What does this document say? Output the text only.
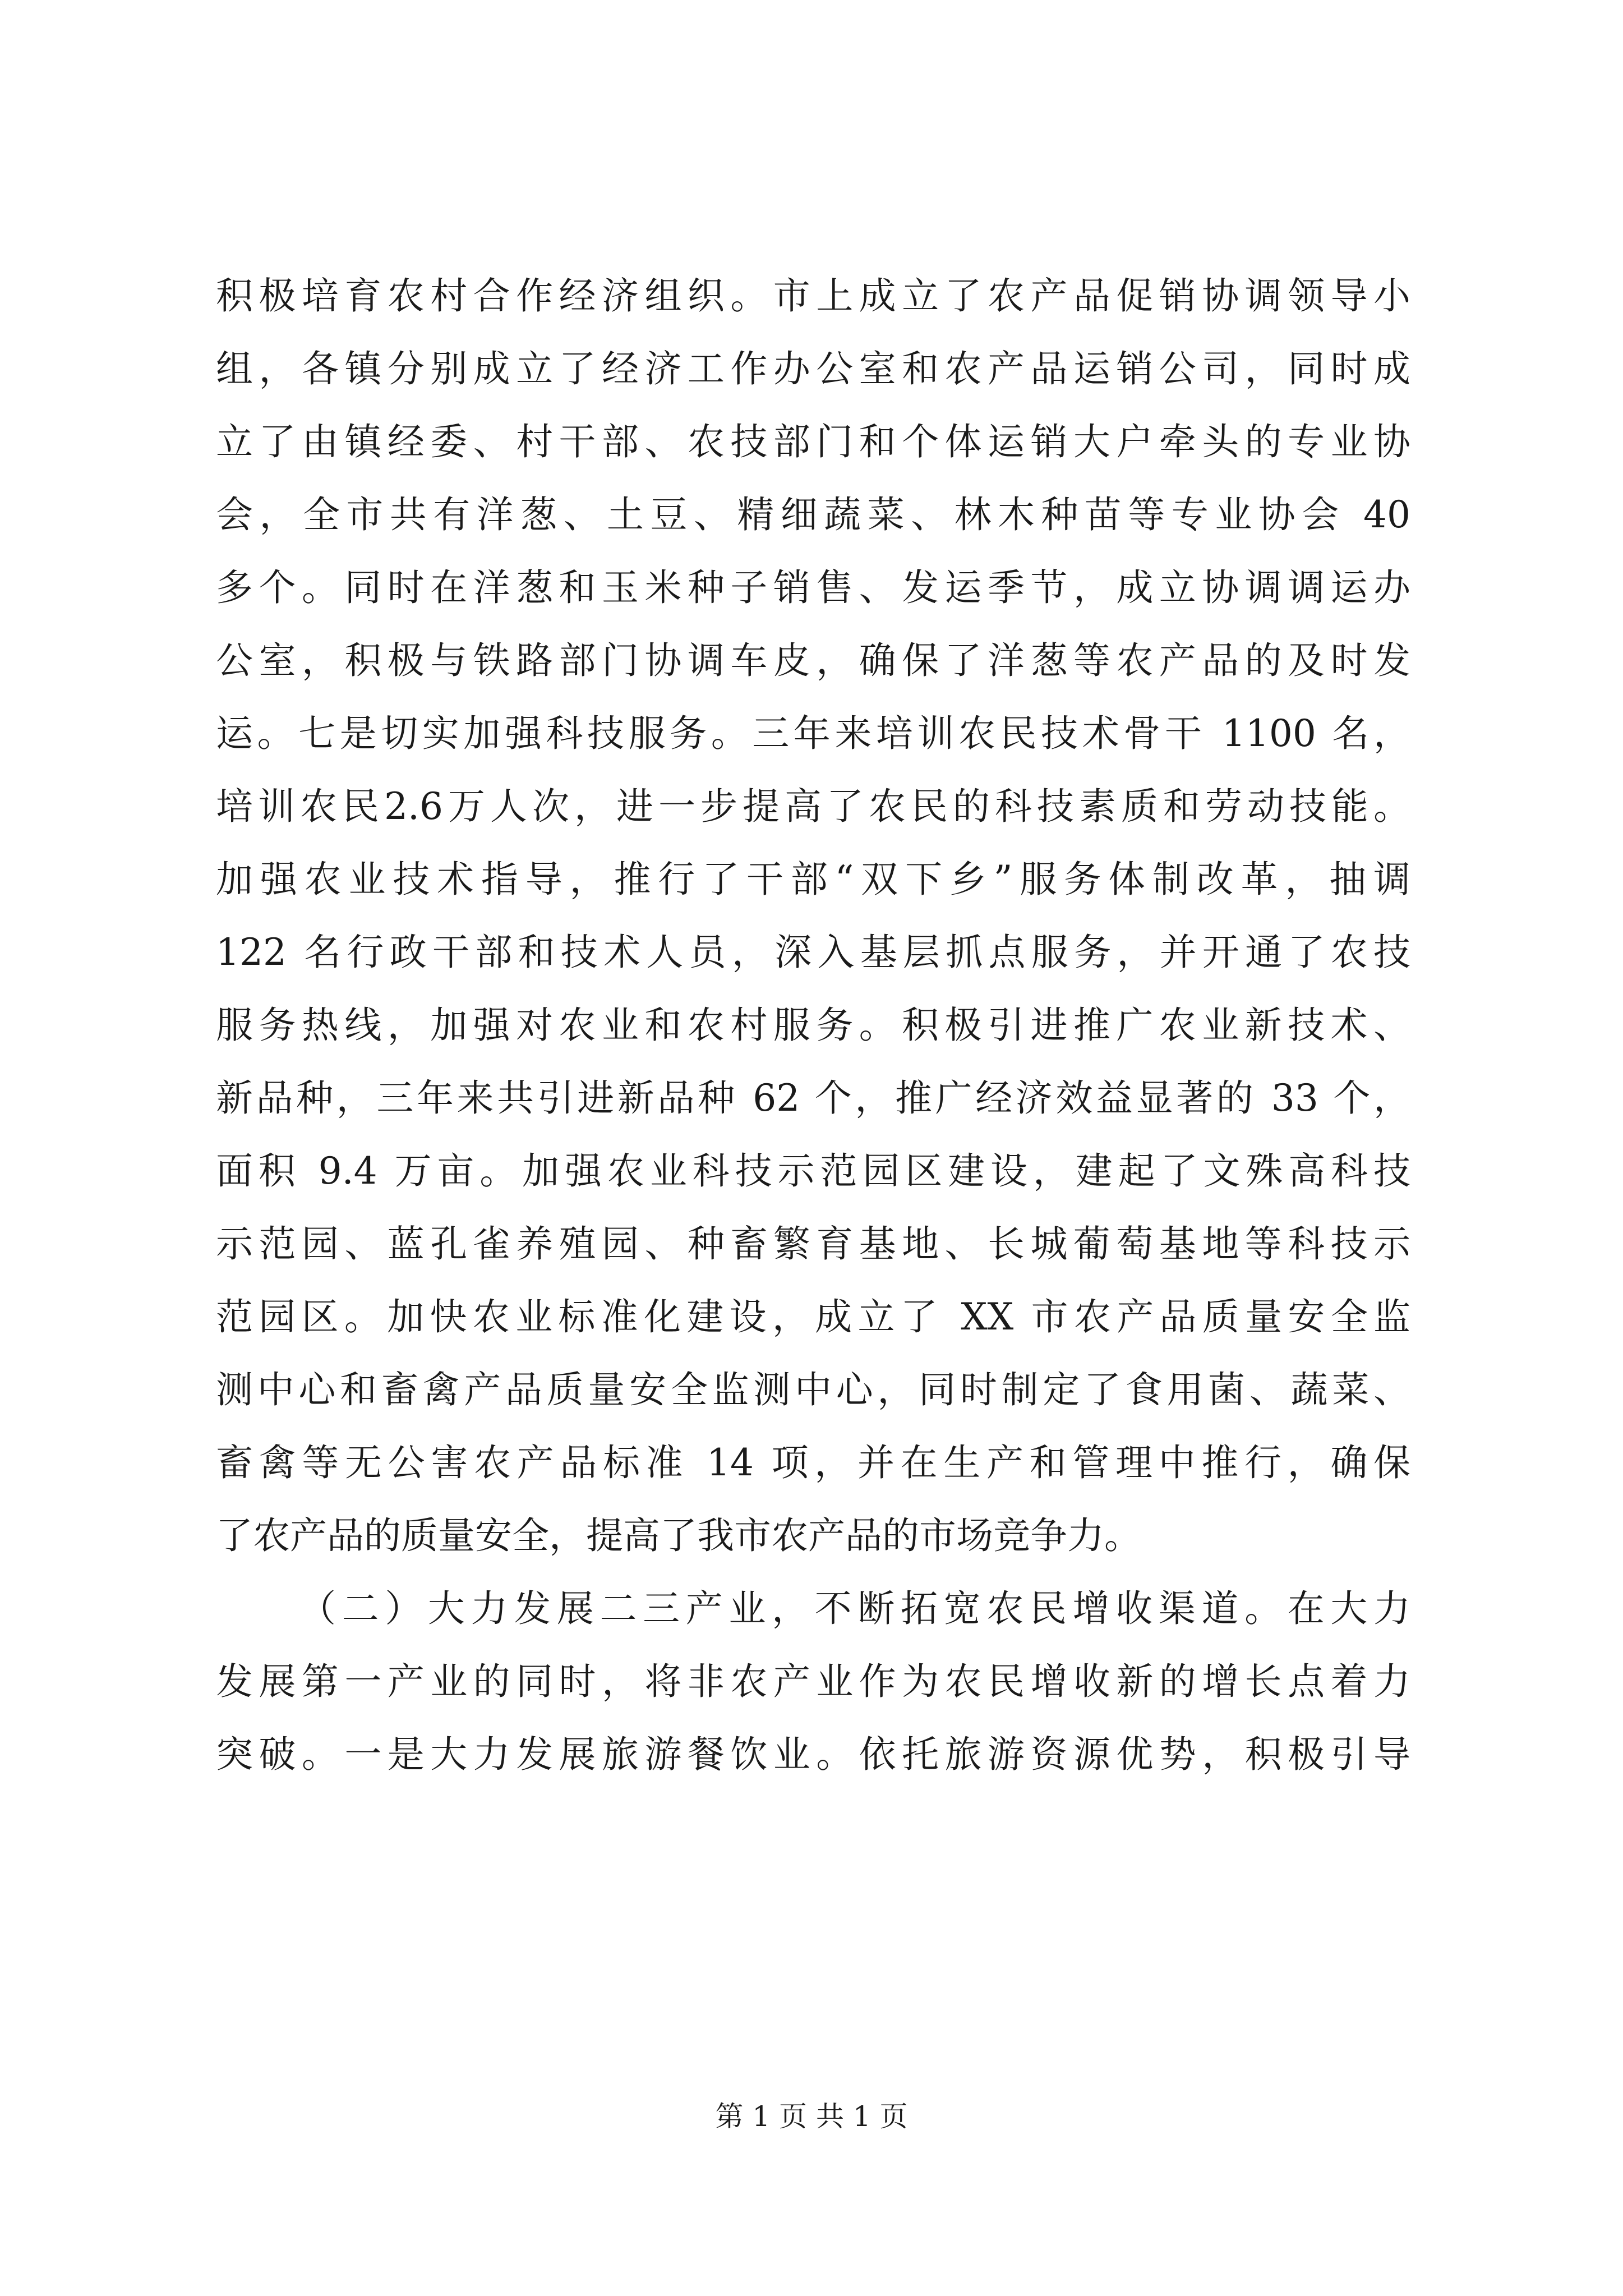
积极培育农村合作经济组织。市上成立了农产品促销协调领导小
组，各镇分别成立了经济工作办公室和农产品运销公司，同时成
立了由镇经委、村干部、农技部门和个体运销大户牵头的专业协
会，全市共有洋葱、土豆、精细蔬菜、林木种苗等专业协会 40
多个。同时在洋葱和玉米种子销售、发运季节，成立协调调运办
公室，积极与铁路部门协调车皮，确保了洋葱等农产品的及时发
运。七是切实加强科技服务。三年来培训农民技术骨干 1100 名，
培训农民2.6万人次，进一步提高了农民的科技素质和劳动技能。
加强农业技术指导，推行了干部“双下乡”服务体制改革，抽调
122 名行政干部和技术人员，深入基层抓点服务，并开通了农技
服务热线，加强对农业和农村服务。积极引进推广农业新技术、
新品种，三年来共引进新品种 62 个，推广经济效益显著的 33 个，
面积 9.4 万亩。加强农业科技示范园区建设，建起了文殊高科技
示范园、蓝孔雀养殖园、种畜繁育基地、长城葡萄基地等科技示
范园区。加快农业标准化建设，成立了 XX 市农产品质量安全监
测中心和畜禽产品质量安全监测中心，同时制定了食用菌、蔬菜、
畜禽等无公害农产品标准 14 项，并在生产和管理中推行，确保
了农产品的质量安全，提高了我市农产品的市场竞争力。
（二）大力发展二三产业，不断拓宽农民增收渠道。在大力
发展第一产业的同时，将非农产业作为农民增收新的增长点着力
突破。一是大力发展旅游餐饮业。依托旅游资源优势，积极引导
第 1 页 共 1 页
